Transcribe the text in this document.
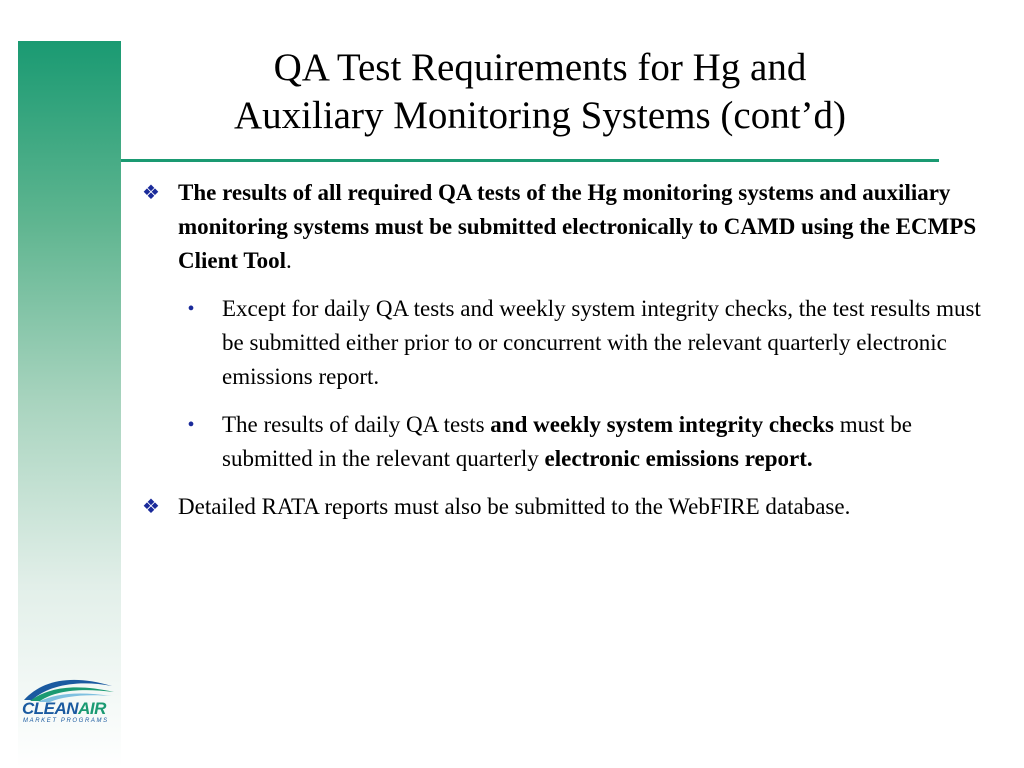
QA Test Requirements for Hg and
Auxiliary Monitoring Systems (cont’d)
❖ The results of all required QA tests of the Hg monitoring systems and auxiliary monitoring systems must be submitted electronically to CAMD using the ECMPS Client Tool.
• Except for daily QA tests and weekly system integrity checks, the test results must be submitted either prior to or concurrent with the relevant quarterly electronic emissions report.
• The results of daily QA tests and weekly system integrity checks must be submitted in the relevant quarterly electronic emissions report.
❖ Detailed RATA reports must also be submitted to the WebFIRE database.
CLEANAIR
MARKET PROGRAMS
